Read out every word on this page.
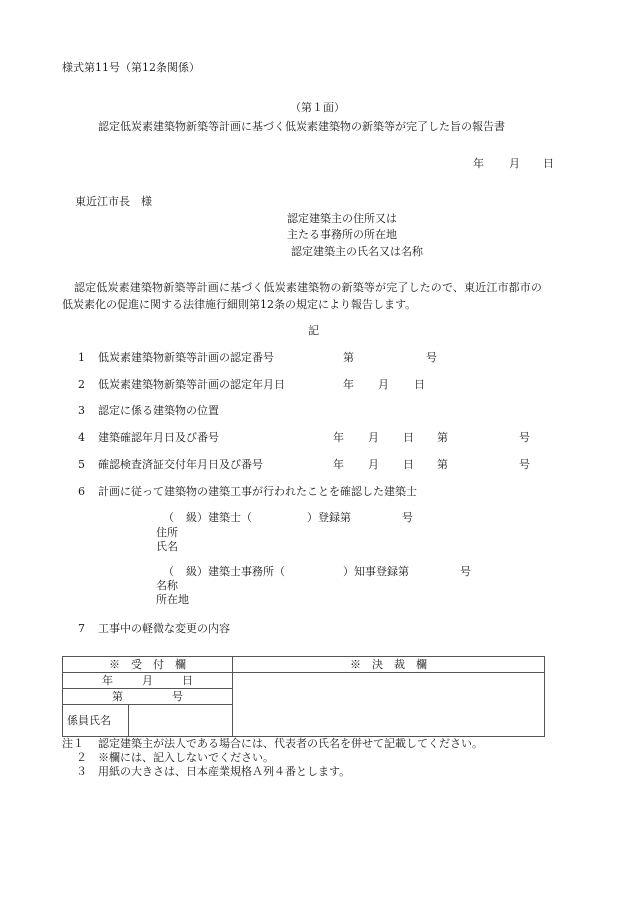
様式第11号（第12条関係）
（第１面）
認定低炭素建築物新築等計画に基づく低炭素建築物の新築等が完了した旨の報告書
年 月 日
東近江市長　様
認定建築主の住所又は
主たる事務所の所在地
認定建築主の氏名又は名称
認定低炭素建築物新築等計画に基づく低炭素建築物の新築等が完了したので、東近江市都市の
低炭素化の促進に関する法律施行細則第12条の規定により報告します。
記
1 低炭素建築物新築等計画の認定番号	第	号
2 低炭素建築物新築等計画の認定年月日	年 月 日
3 認定に係る建築物の位置
4 建築確認年月日及び番号	年 月 日 第	号
5 確認検査済証交付年月日及び番号	年 月 日 第	号
6 計画に従って建築物の建築工事が行われたことを確認した建築士
（ 級）建築士（	）登録第	号
住所
氏名
（ 級）建築士事務所（	）知事登録第	号
名称
所在地
7 工事中の軽微な変更の内容
※　受　付　欄		※　決　裁　欄
年 月 日		
第 号		
係員氏名		
注１ 認定建築主が法人である場合には、代表者の氏名を併せて記載してください。
２ ※欄には、記入しないでください。
３ 用紙の大きさは、日本産業規格Ａ列４番とします。
